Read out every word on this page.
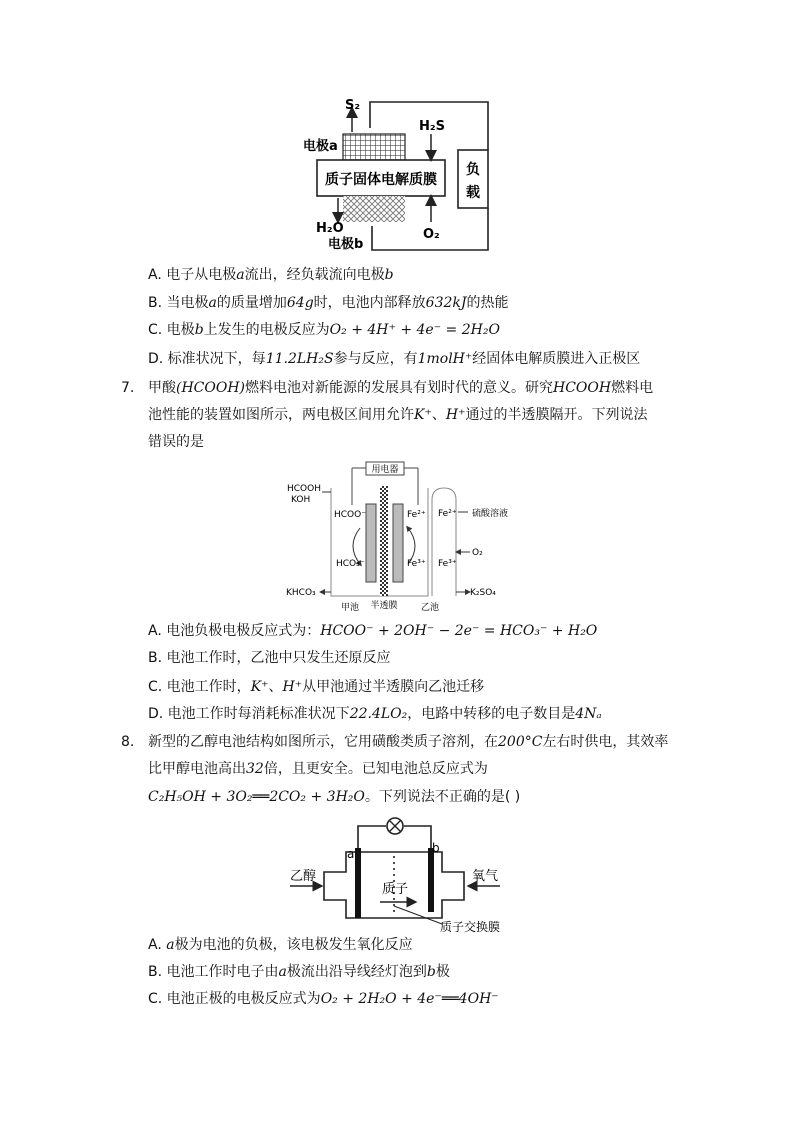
质子固体电解质膜
负
载
S₂
H₂S
电极a
H₂O	O₂
电极b
A. 电子从电极a流出，经负载流向电极b
B. 当电极a的质量增加64g时，电池内部释放632kJ的热能
C. 电极b上发生的电极反应为O₂ + 4H⁺ + 4e⁻ = 2H₂O
D. 标准状况下，每11.2LH₂S参与反应，有1molH⁺经固体电解质膜进入正极区
7. 甲酸(HCOOH)燃料电池对新能源的发展具有划时代的意义。研究HCOOH燃料电
池性能的装置如图所示，两电极区间用允许K⁺、H⁺通过的半透膜隔开。下列说法
错误的是
用电器
HCOOH
KOH
HCOO⁻
HCO₃⁻
KHCO₃
Fe²⁺
Fe³⁺
Fe²⁺
Fe³⁺
硫酸溶液
O₂
K₂SO₄
甲池 半透膜	乙池
A. 电池负极电极反应式为：HCOO⁻ + 2OH⁻ − 2e⁻ = HCO₃⁻ + H₂O
B. 电池工作时，乙池中只发生还原反应
C. 电池工作时，K⁺、H⁺从甲池通过半透膜向乙池迁移
D. 电池工作时每消耗标准状况下22.4LO₂，电路中转移的电子数目是4Nₐ
8. 新型的乙醇电池结构如图所示，它用磺酸类质子溶剂，在200°C左右时供电，其效率
比甲醇电池高出32倍，且更安全。已知电池总反应式为
C₂H₅OH + 3O₂══2CO₂ + 3H₂O。下列说法不正确的是( )
a	b
乙醇
质子
氧气
质子交换膜
A. a极为电池的负极，该电极发生氧化反应
B. 电池工作时电子由a极流出沿导线经灯泡到b极
C. 电池正极的电极反应式为O₂ + 2H₂O + 4e⁻══4OH⁻
